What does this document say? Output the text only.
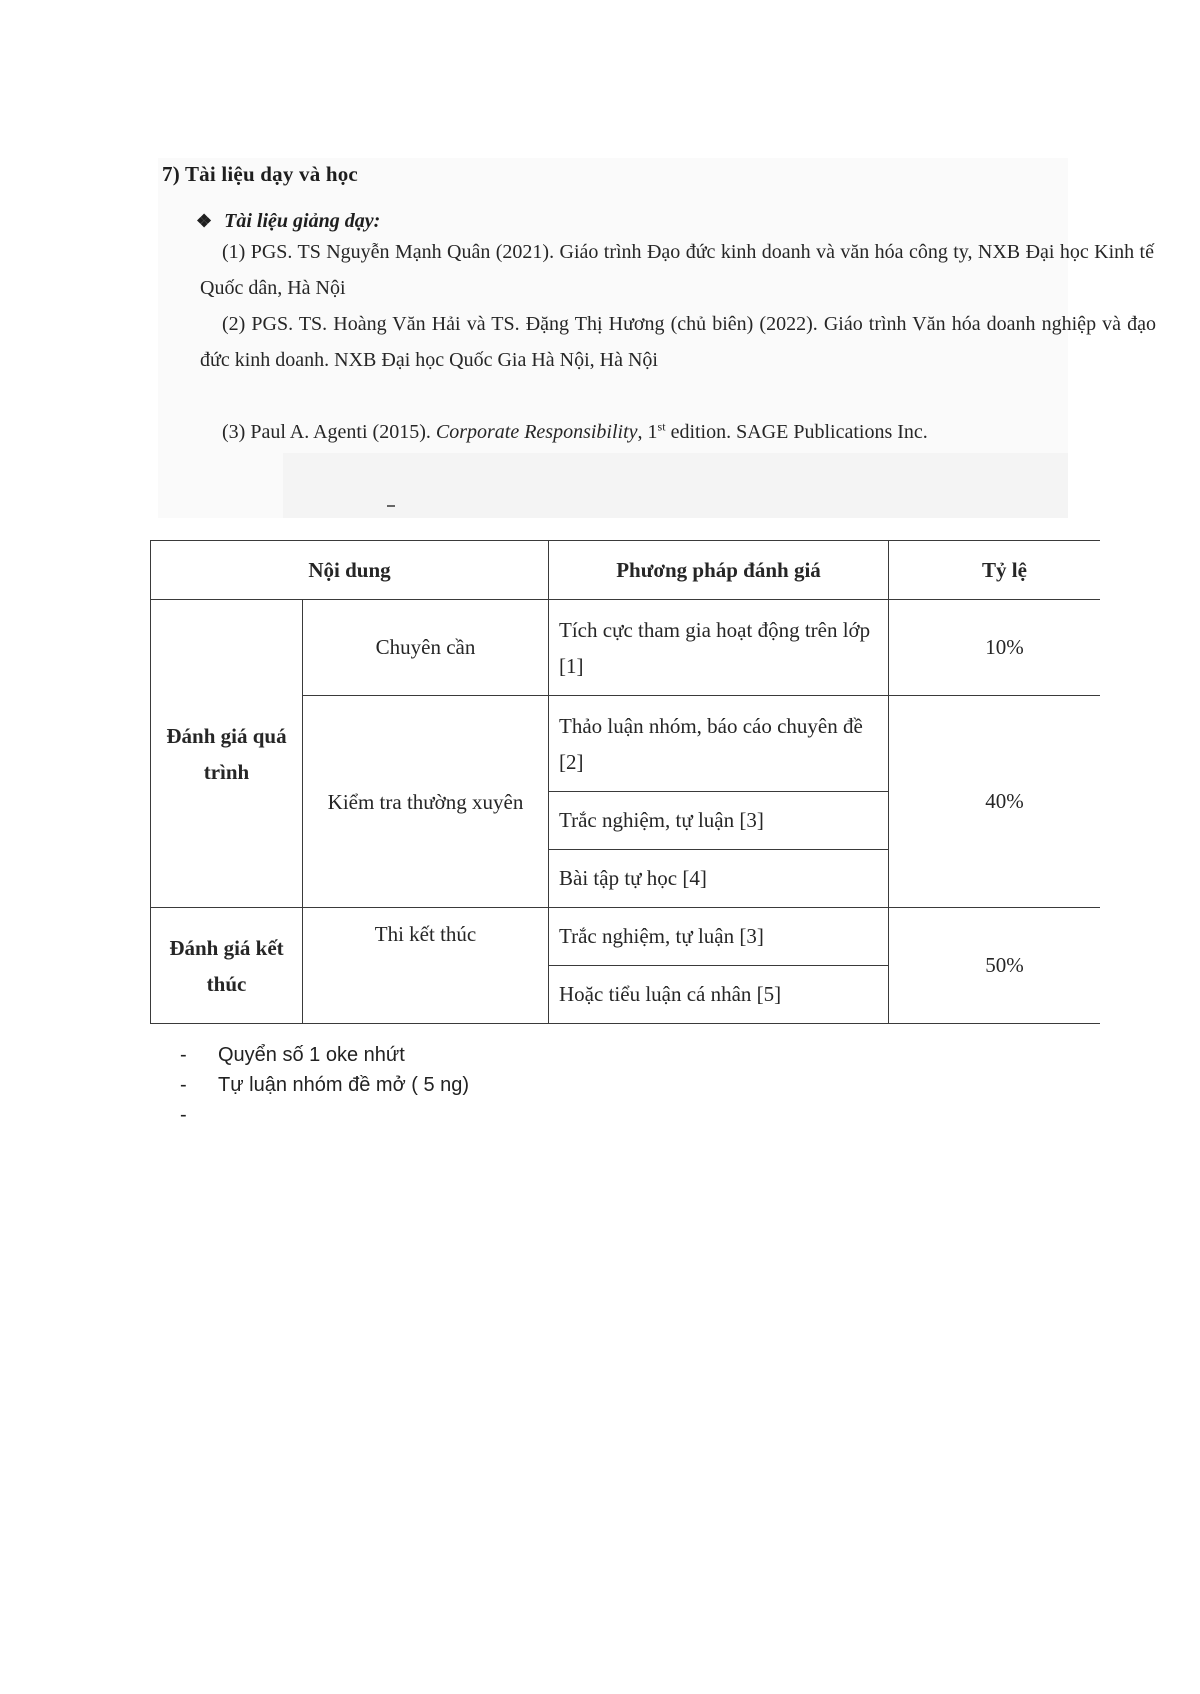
7) Tài liệu dạy và học
❖ Tài liệu giảng dạy:
(1) PGS. TS Nguyễn Mạnh Quân (2021). Giáo trình Đạo đức kinh doanh và văn hóa công ty, NXB Đại học Kinh tế Quốc dân, Hà Nội
(2) PGS. TS. Hoàng Văn Hải và TS. Đặng Thị Hương (chủ biên) (2022). Giáo trình Văn hóa doanh nghiệp và đạo đức kinh doanh. NXB Đại học Quốc Gia Hà Nội, Hà Nội
(3) Paul A. Agenti (2015). Corporate Responsibility, 1st edition. SAGE Publications Inc.
Nội dung		Phương pháp đánh giá	Tỷ lệ
Đánh giá quá trình	Chuyên cần	Tích cực tham gia hoạt động trên lớp [1]	10%
	Kiểm tra thường xuyên	Thảo luận nhóm, báo cáo chuyên đề [2]	40%
		Trắc nghiệm, tự luận [3]	
		Bài tập tự học [4]	
Đánh giá kết thúc	Thi kết thúc	Trắc nghiệm, tự luận [3]	50%
		Hoặc tiểu luận cá nhân [5]	
- Quyển số 1 oke nhứt
- Tự luận nhóm đề mở ( 5 ng)
-
